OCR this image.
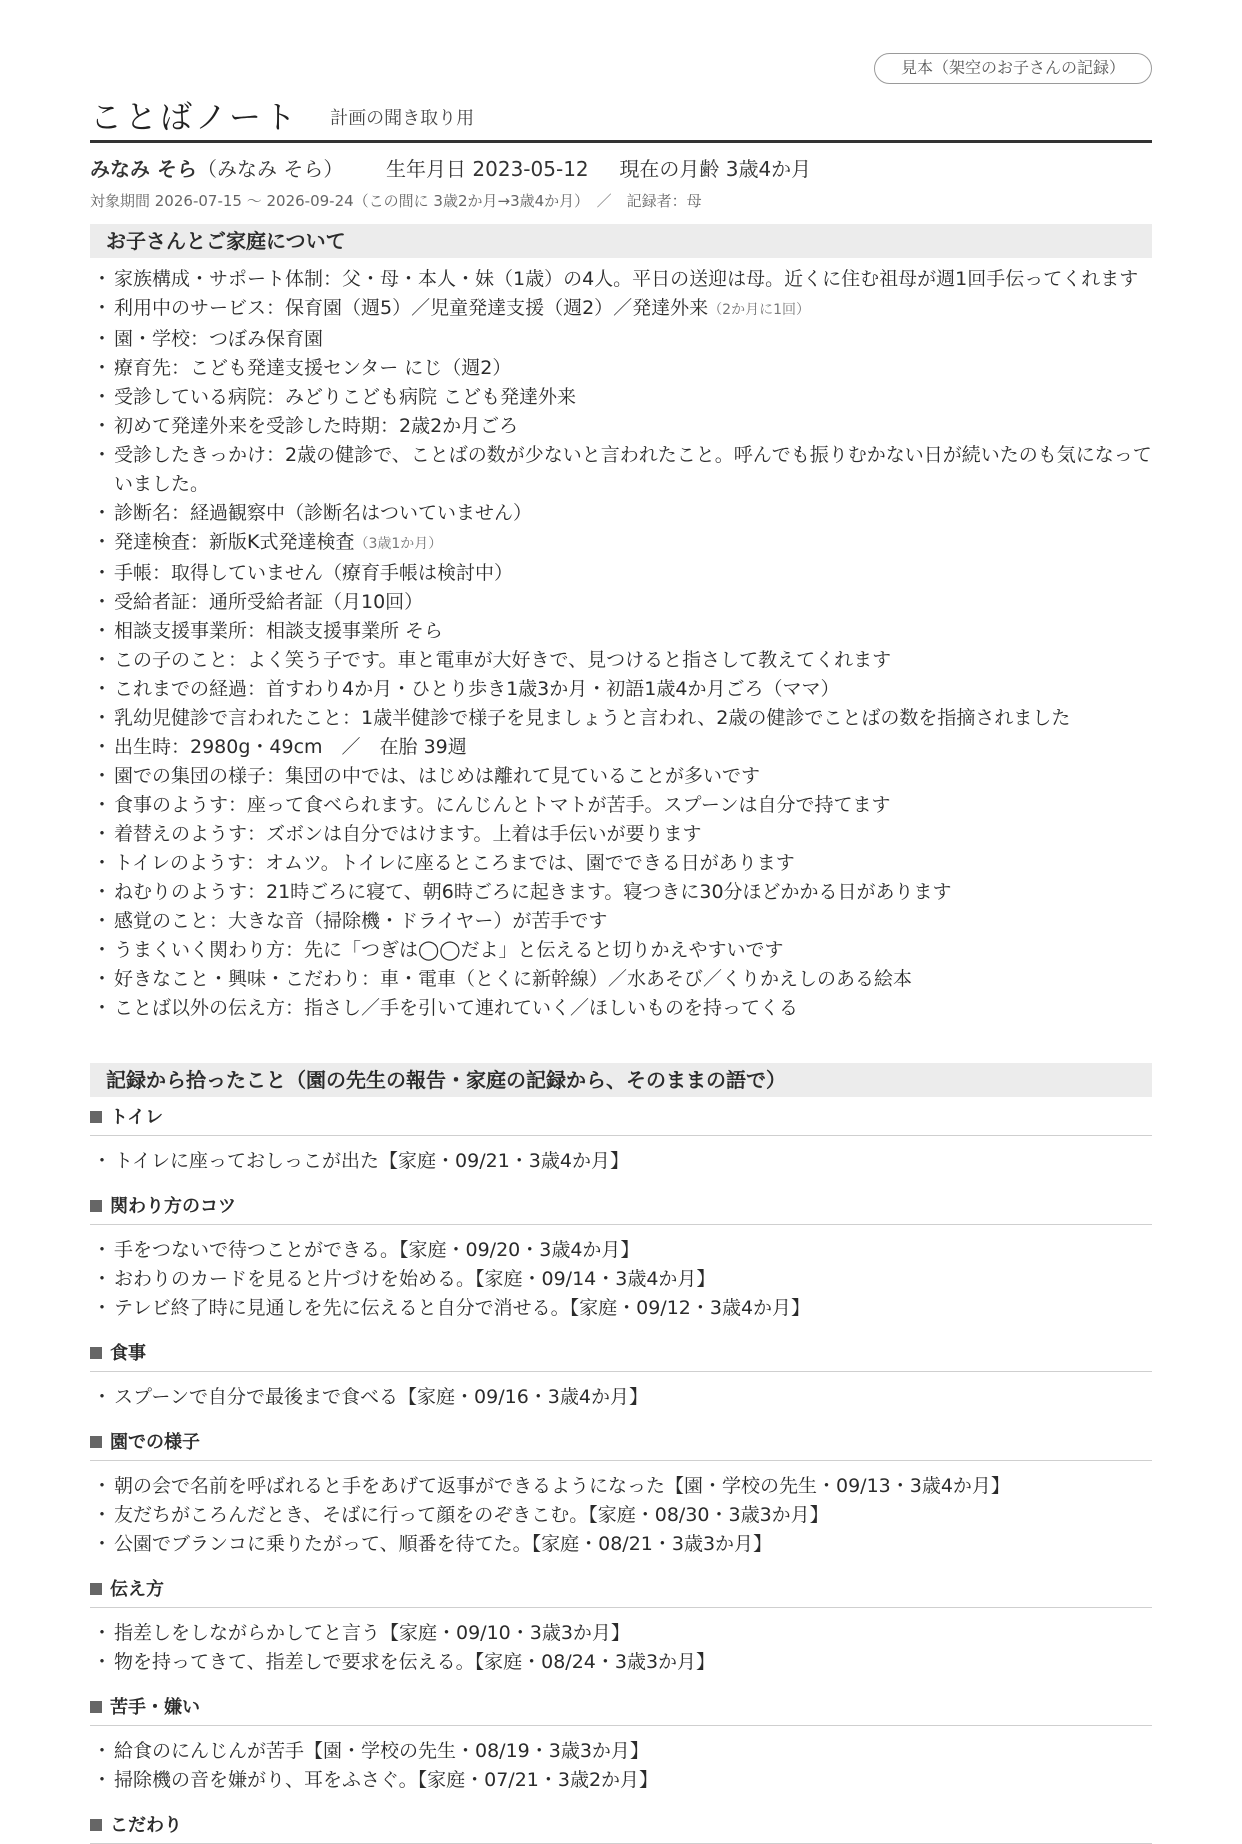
見本（架空のお子さんの記録）
ことばノート 計画の聞き取り用
みなみ そら（みなみ そら） 生年月日 2023-05-12 現在の月齢 3歳4か月
対象期間 2026-07-15 〜 2026-09-24（この間に 3歳2か月→3歳4か月）　／　記録者：母
お子さんとご家庭について
・ 家族構成・サポート体制：父・母・本人・妹（1歳）の4人。平日の送迎は母。近くに住む祖母が週1回手伝ってくれます
・ 利用中のサービス：保育園（週5）／児童発達支援（週2）／発達外来（2か月に1回）
・ 園・学校：つぼみ保育園
・ 療育先：こども発達支援センター にじ（週2）
・ 受診している病院：みどりこども病院 こども発達外来
・ 初めて発達外来を受診した時期：2歳2か月ごろ
・ 受診したきっかけ：2歳の健診で、ことばの数が少ないと言われたこと。呼んでも振りむかない日が続いたのも気になっていました。
・ 診断名：経過観察中（診断名はついていません）
・ 発達検査：新版K式発達検査（3歳1か月）
・ 手帳：取得していません（療育手帳は検討中）
・ 受給者証：通所受給者証（月10回）
・ 相談支援事業所：相談支援事業所 そら
・ この子のこと：よく笑う子です。車と電車が大好きで、見つけると指さして教えてくれます
・ これまでの経過：首すわり4か月・ひとり歩き1歳3か月・初語1歳4か月ごろ（ママ）
・ 乳幼児健診で言われたこと：1歳半健診で様子を見ましょうと言われ、2歳の健診でことばの数を指摘されました
・ 出生時：2980g・49cm　／　在胎 39週
・ 園での集団の様子：集団の中では、はじめは離れて見ていることが多いです
・ 食事のようす：座って食べられます。にんじんとトマトが苦手。スプーンは自分で持てます
・ 着替えのようす：ズボンは自分ではけます。上着は手伝いが要ります
・ トイレのようす：オムツ。トイレに座るところまでは、園でできる日があります
・ ねむりのようす：21時ごろに寝て、朝6時ごろに起きます。寝つきに30分ほどかかる日があります
・ 感覚のこと：大きな音（掃除機・ドライヤー）が苦手です
・ うまくいく関わり方：先に「つぎは◯◯だよ」と伝えると切りかえやすいです
・ 好きなこと・興味・こだわり：車・電車（とくに新幹線）／水あそび／くりかえしのある絵本
・ ことば以外の伝え方：指さし／手を引いて連れていく／ほしいものを持ってくる
記録から拾ったこと（園の先生の報告・家庭の記録から、そのままの語で）
トイレ
・ トイレに座っておしっこが出た【家庭・09/21・3歳4か月】
関わり方のコツ
・ 手をつないで待つことができる。【家庭・09/20・3歳4か月】
・ おわりのカードを見ると片づけを始める。【家庭・09/14・3歳4か月】
・ テレビ終了時に見通しを先に伝えると自分で消せる。【家庭・09/12・3歳4か月】
食事
・ スプーンで自分で最後まで食べる【家庭・09/16・3歳4か月】
園での様子
・ 朝の会で名前を呼ばれると手をあげて返事ができるようになった【園・学校の先生・09/13・3歳4か月】
・ 友だちがころんだとき、そばに行って顔をのぞきこむ。【家庭・08/30・3歳3か月】
・ 公園でブランコに乗りたがって、順番を待てた。【家庭・08/21・3歳3か月】
伝え方
・ 指差しをしながらかしてと言う【家庭・09/10・3歳3か月】
・ 物を持ってきて、指差しで要求を伝える。【家庭・08/24・3歳3か月】
苦手・嫌い
・ 給食のにんじんが苦手【園・学校の先生・08/19・3歳3か月】
・ 掃除機の音を嫌がり、耳をふさぐ。【家庭・07/21・3歳2か月】
こだわり
